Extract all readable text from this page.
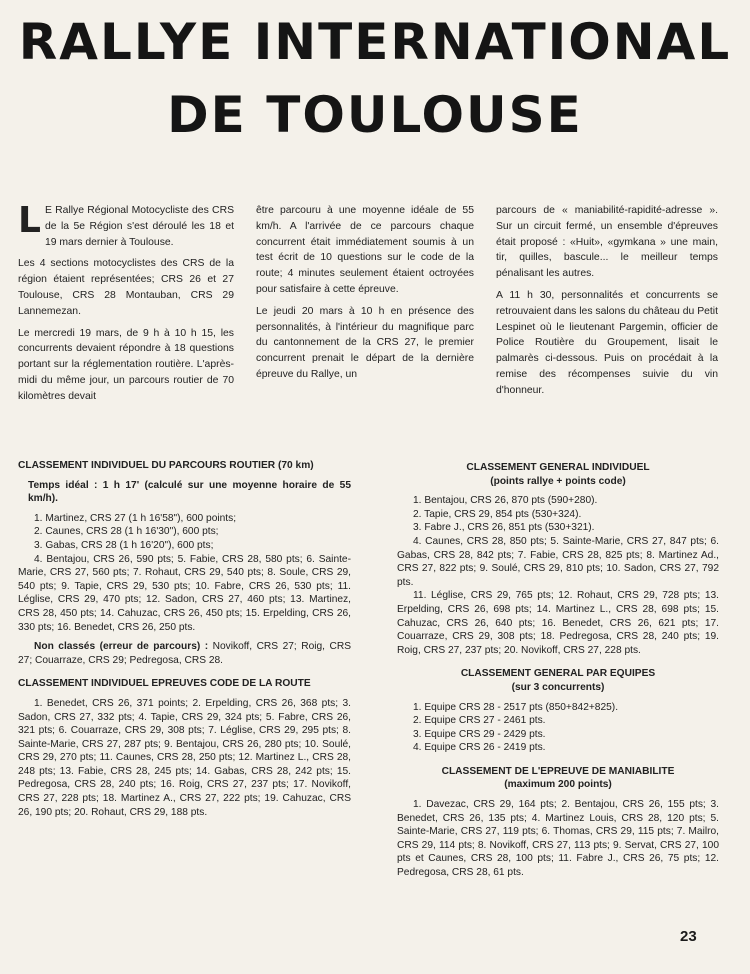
RALLYE INTERNATIONAL
DE TOULOUSE

L E Rallye Régional Motocycliste des CRS de la 5e Région s'est déroulé les 18 et 19 mars dernier à Toulouse.

Les 4 sections motocyclistes des CRS de la région étaient représentées; CRS 26 et 27 Toulouse, CRS 28 Montauban, CRS 29 Lannemezan.

Le mercredi 19 mars, de 9 h à 10 h 15, les concurrents devaient répondre à 18 questions portant sur la réglementation routière. L'après-midi du même jour, un parcours routier de 70 kilomètres devait

être parcouru à une moyenne idéale de 55 km/h. A l'arrivée de ce parcours chaque concurrent était immédiatement soumis à un test écrit de 10 questions sur le code de la route; 4 minutes seulement étaient octroyées pour satisfaire à cette épreuve.

Le jeudi 20 mars à 10 h en présence des personnalités, à l'intérieur du magnifique parc du cantonnement de la CRS 27, le premier concurrent prenait le départ de la dernière épreuve du Rallye, un

parcours de « maniabilité-rapidité-adresse ». Sur un circuit fermé, un ensemble d'épreuves était proposé : «Huit», «gymkana » une main, tir, quilles, bascule... le meilleur temps pénalisant les autres.

A 11 h 30, personnalités et concurrents se retrouvaient dans les salons du château du Petit Lespinet où le lieutenant Pargemin, officier de Police Routière du Groupement, lisait le palmarès ci-dessous. Puis on procédait à la remise des récompenses suivie du vin d'honneur.

CLASSEMENT INDIVIDUEL DU PARCOURS ROUTIER (70 km)

Temps idéal : 1 h 17' (calculé sur une moyenne horaire de 55 km/h).

1. Martinez, CRS 27 (1 h 16'58"), 600 points;

2. Caunes, CRS 28 (1 h 16'30"), 600 pts;

3. Gabas, CRS 28 (1 h 16'20"), 600 pts;

4. Bentajou, CRS 26, 590 pts; 5. Fabie, CRS 28, 580 pts; 6. Sainte-Marie, CRS 27, 560 pts; 7. Rohaut, CRS 29, 540 pts; 8. Soule, CRS 29, 540 pts; 9. Tapie, CRS 29, 530 pts; 10. Fabre, CRS 26, 530 pts; 11. Léglise, CRS 29, 470 pts; 12. Sadon, CRS 27, 460 pts; 13. Martinez, CRS 28, 450 pts; 14. Cahuzac, CRS 26, 450 pts; 15. Erpelding, CRS 26, 330 pts; 16. Benedet, CRS 26, 250 pts.

Non classés (erreur de parcours) : Novikoff, CRS 27; Roig, CRS 27; Couarraze, CRS 29; Pedregosa, CRS 28.

CLASSEMENT INDIVIDUEL EPREUVES CODE DE LA ROUTE

1. Benedet, CRS 26, 371 points; 2. Erpelding, CRS 26, 368 pts; 3. Sadon, CRS 27, 332 pts; 4. Tapie, CRS 29, 324 pts; 5. Fabre, CRS 26, 321 pts; 6. Couarraze, CRS 29, 308 pts; 7. Léglise, CRS 29, 295 pts; 8. Sainte-Marie, CRS 27, 287 pts; 9. Bentajou, CRS 26, 280 pts; 10. Soulé, CRS 29, 270 pts; 11. Caunes, CRS 28, 250 pts; 12. Martinez L., CRS 28, 248 pts; 13. Fabie, CRS 28, 245 pts; 14. Gabas, CRS 28, 242 pts; 15. Pedregosa, CRS 28, 240 pts; 16. Roig, CRS 27, 237 pts; 17. Novikoff, CRS 27, 228 pts; 18. Martinez A., CRS 27, 222 pts; 19. Cahuzac, CRS 26, 190 pts; 20. Rohaut, CRS 29, 188 pts.

CLASSEMENT GENERAL INDIVIDUEL

(points rallye + points code)

1. Bentajou, CRS 26, 870 pts (590+280).

2. Tapie, CRS 29, 854 pts (530+324).

3. Fabre J., CRS 26, 851 pts (530+321).

4. Caunes, CRS 28, 850 pts; 5. Sainte-Marie, CRS 27, 847 pts; 6. Gabas, CRS 28, 842 pts; 7. Fabie, CRS 28, 825 pts; 8. Martinez Ad., CRS 27, 822 pts; 9. Soulé, CRS 29, 810 pts; 10. Sadon, CRS 27, 792 pts.

11. Léglise, CRS 29, 765 pts; 12. Rohaut, CRS 29, 728 pts; 13. Erpelding, CRS 26, 698 pts; 14. Martinez L., CRS 28, 698 pts; 15. Cahuzac, CRS 26, 640 pts; 16. Benedet, CRS 26, 621 pts; 17. Couarraze, CRS 29, 308 pts; 18. Pedregosa, CRS 28, 240 pts; 19. Roig, CRS 27, 237 pts; 20. Novikoff, CRS 27, 228 pts.

CLASSEMENT GENERAL PAR EQUIPES

(sur 3 concurrents)

1. Equipe CRS 28 - 2517 pts (850+842+825).

2. Equipe CRS 27 - 2461 pts.

3. Equipe CRS 29 - 2429 pts.

4. Equipe CRS 26 - 2419 pts.

CLASSEMENT DE L'EPREUVE DE MANIABILITE

(maximum 200 points)

1. Davezac, CRS 29, 164 pts; 2. Bentajou, CRS 26, 155 pts; 3. Benedet, CRS 26, 135 pts; 4. Martinez Louis, CRS 28, 120 pts; 5. Sainte-Marie, CRS 27, 119 pts; 6. Thomas, CRS 29, 115 pts; 7. Mailro, CRS 29, 114 pts; 8. Novikoff, CRS 27, 113 pts; 9. Servat, CRS 27, 100 pts et Caunes, CRS 28, 100 pts; 11. Fabre J., CRS 26, 75 pts; 12. Pedregosa, CRS 28, 61 pts.

23
